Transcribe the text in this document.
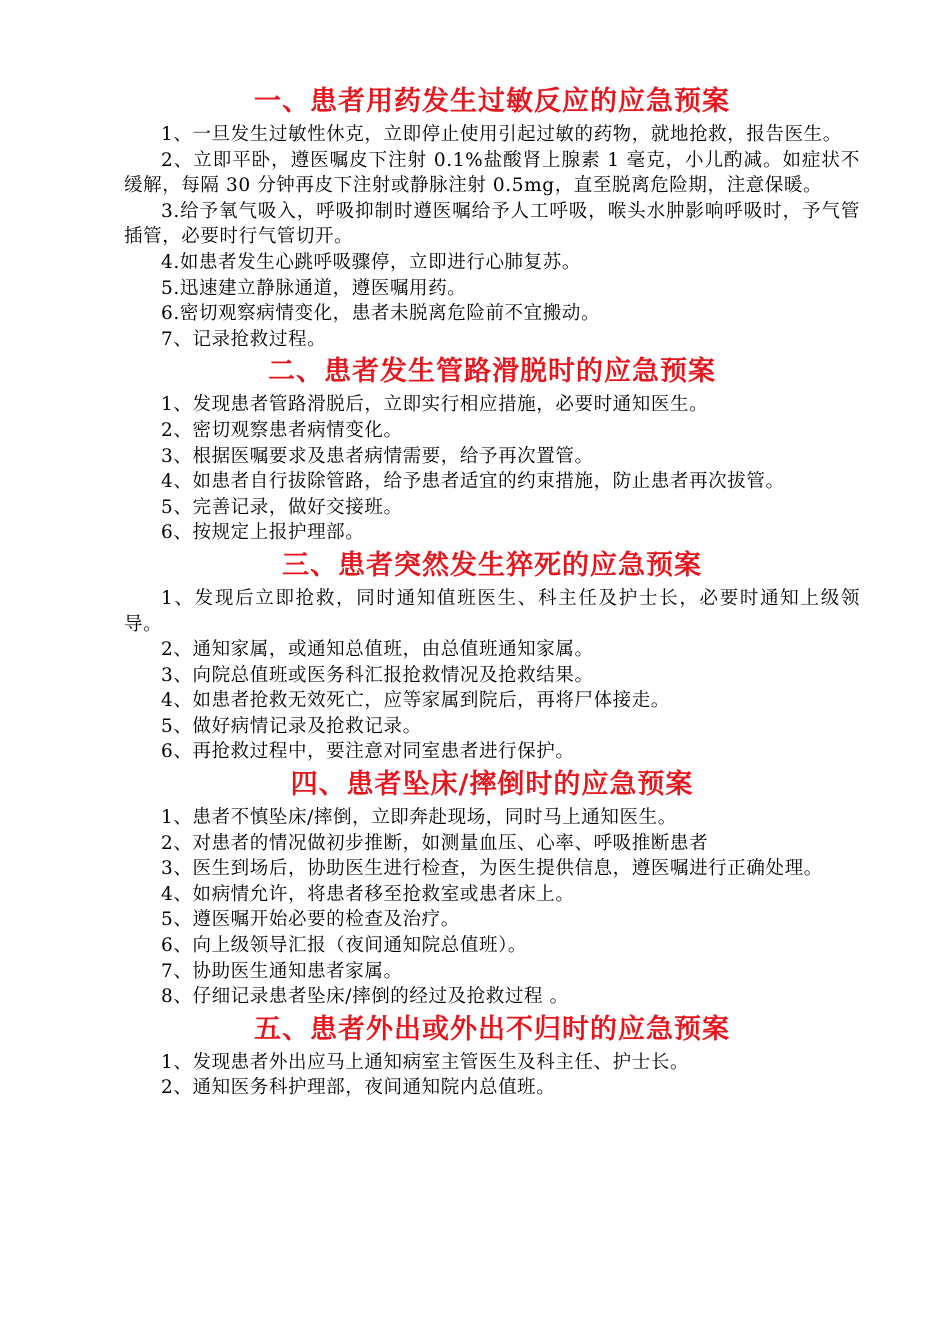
一、患者用药发生过敏反应的应急预案

1、一旦发生过敏性休克，立即停止使用引起过敏的药物，就地抢救，报告医生。

2、立即平卧，遵医嘱皮下注射 0.1%盐酸肾上腺素 1 毫克，小儿酌减。如症状不缓解，每隔 30 分钟再皮下注射或静脉注射 0.5mg，直至脱离危险期，注意保暖。

3.给予氧气吸入，呼吸抑制时遵医嘱给予人工呼吸，喉头水肿影响呼吸时，予气管插管，必要时行气管切开。

4.如患者发生心跳呼吸骤停，立即进行心肺复苏。

5.迅速建立静脉通道，遵医嘱用药。

6.密切观察病情变化，患者未脱离危险前不宜搬动。

7、记录抢救过程。

二、患者发生管路滑脱时的应急预案

1、发现患者管路滑脱后，立即实行相应措施，必要时通知医生。

2、密切观察患者病情变化。

3、根据医嘱要求及患者病情需要，给予再次置管。

4、如患者自行拔除管路，给予患者适宜的约束措施，防止患者再次拔管。

5、完善记录，做好交接班。

6、按规定上报护理部。

三、患者突然发生猝死的应急预案

1、发现后立即抢救，同时通知值班医生、科主任及护士长，必要时通知上级领导。

2、通知家属，或通知总值班，由总值班通知家属。

3、向院总值班或医务科汇报抢救情况及抢救结果。

4、如患者抢救无效死亡，应等家属到院后，再将尸体接走。

5、做好病情记录及抢救记录。

6、再抢救过程中，要注意对同室患者进行保护。

四、患者坠床/摔倒时的应急预案

1、患者不慎坠床/摔倒，立即奔赴现场，同时马上通知医生。

2、对患者的情况做初步推断，如测量血压、心率、呼吸推断患者

3、医生到场后，协助医生进行检查，为医生提供信息，遵医嘱进行正确处理。

4、如病情允许，将患者移至抢救室或患者床上。

5、遵医嘱开始必要的检查及治疗。

6、向上级领导汇报（夜间通知院总值班）。

7、协助医生通知患者家属。

8、仔细记录患者坠床/摔倒的经过及抢救过程 。

五、患者外出或外出不归时的应急预案

1、发现患者外出应马上通知病室主管医生及科主任、护士长。

2、通知医务科护理部，夜间通知院内总值班。
